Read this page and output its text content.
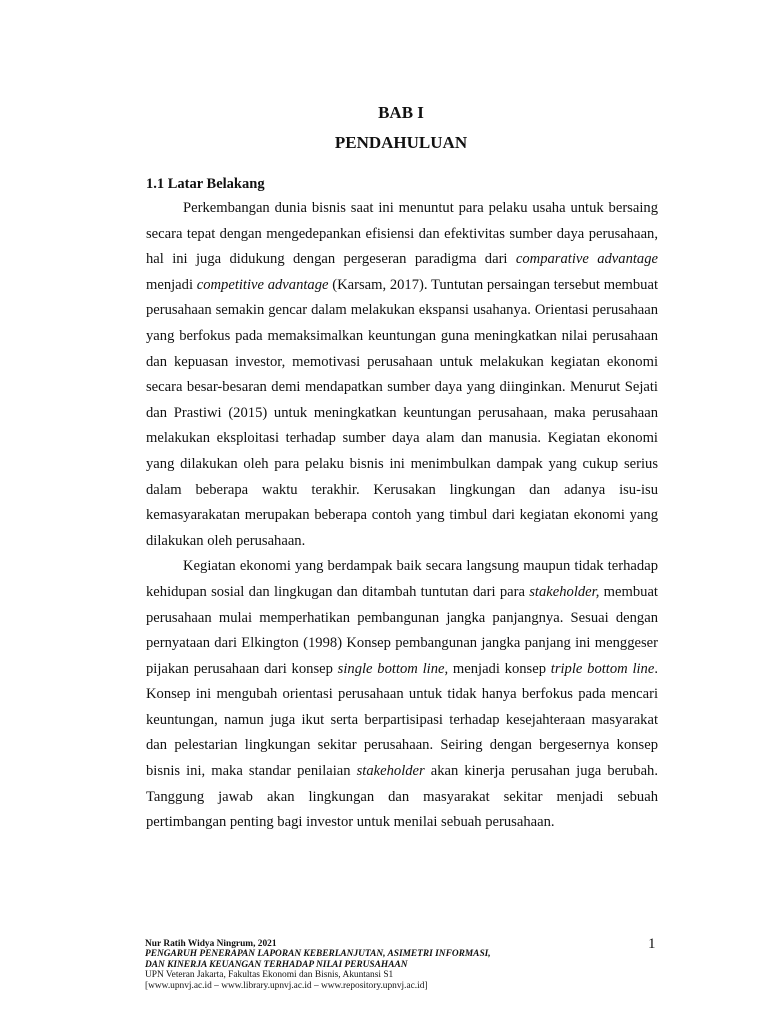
BAB I
PENDAHULUAN
1.1 Latar Belakang

Perkembangan dunia bisnis saat ini menuntut para pelaku usaha untuk bersaing secara tepat dengan mengedepankan efisiensi dan efektivitas sumber daya perusahaan, hal ini juga didukung dengan pergeseran paradigma dari comparative advantage menjadi competitive advantage (Karsam, 2017). Tuntutan persaingan tersebut membuat perusahaan semakin gencar dalam melakukan ekspansi usahanya. Orientasi perusahaan yang berfokus pada memaksimalkan keuntungan guna meningkatkan nilai perusahaan dan kepuasan investor, memotivasi perusahaan untuk melakukan kegiatan ekonomi secara besar-besaran demi mendapatkan sumber daya yang diinginkan. Menurut Sejati dan Prastiwi (2015) untuk meningkatkan keuntungan perusahaan, maka perusahaan melakukan eksploitasi terhadap sumber daya alam dan manusia. Kegiatan ekonomi yang dilakukan oleh para pelaku bisnis ini menimbulkan dampak yang cukup serius dalam beberapa waktu terakhir. Kerusakan lingkungan dan adanya isu-isu kemasyarakatan merupakan beberapa contoh yang timbul dari kegiatan ekonomi yang dilakukan oleh perusahaan.

Kegiatan ekonomi yang berdampak baik secara langsung maupun tidak terhadap kehidupan sosial dan lingkugan dan ditambah tuntutan dari para stakeholder, membuat perusahaan mulai memperhatikan pembangunan jangka panjangnya. Sesuai dengan pernyataan dari Elkington (1998) Konsep pembangunan jangka panjang ini menggeser pijakan perusahaan dari konsep single bottom line, menjadi konsep triple bottom line. Konsep ini mengubah orientasi perusahaan untuk tidak hanya berfokus pada mencari keuntungan, namun juga ikut serta berpartisipasi terhadap kesejahteraan masyarakat dan pelestarian lingkungan sekitar perusahaan. Seiring dengan bergesernya konsep bisnis ini, maka standar penilaian stakeholder akan kinerja perusahan juga berubah. Tanggung jawab akan lingkungan dan masyarakat sekitar menjadi sebuah pertimbangan penting bagi investor untuk menilai sebuah perusahaan.

1
Nur Ratih Widya Ningrum, 2021
PENGARUH PENERAPAN LAPORAN KEBERLANJUTAN, ASIMETRI INFORMASI,
DAN KINERJA KEUANGAN TERHADAP NILAI PERUSAHAAN
UPN Veteran Jakarta, Fakultas Ekonomi dan Bisnis, Akuntansi S1
[www.upnvj.ac.id – www.library.upnvj.ac.id – www.repository.upnvj.ac.id]
